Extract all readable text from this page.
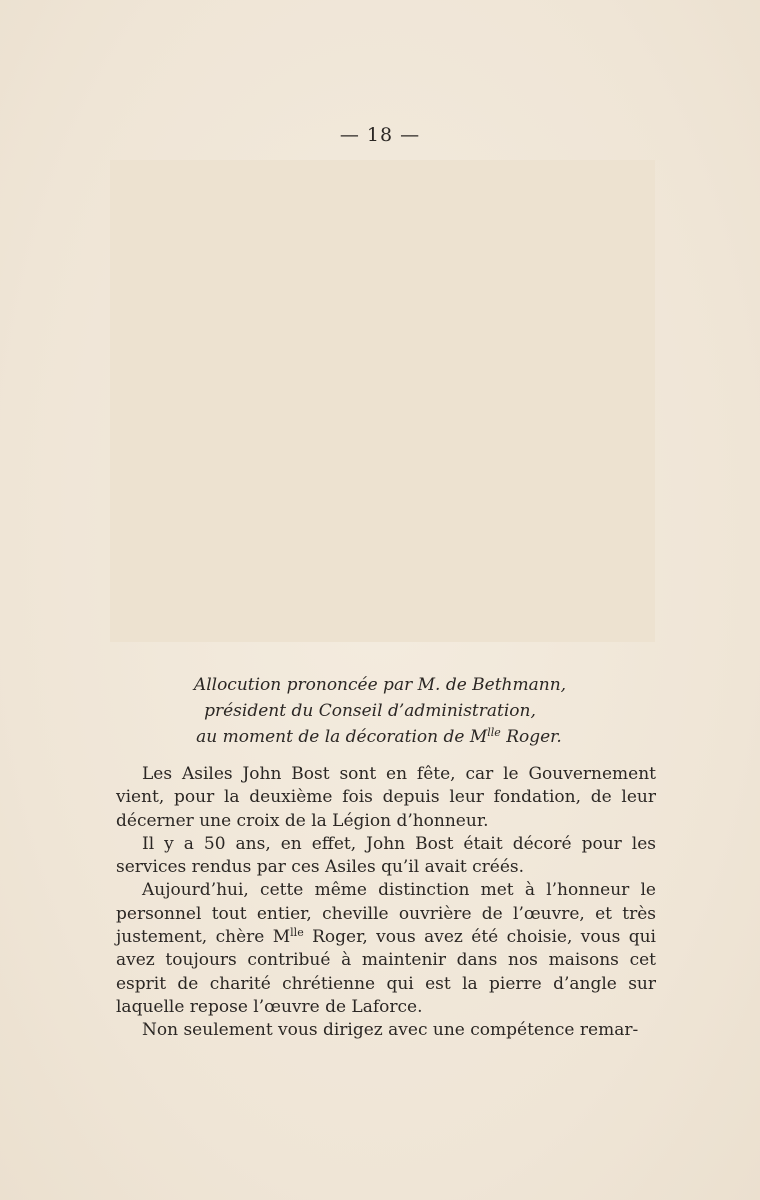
— 18 —
Allocution prononcée par M. de Bethmann,
président du Conseil d’administration,
au moment de la décoration de $M^{lle}$ Roger.

Les Asiles John Bost sont en fête, car le Gouvernement vient, pour la deuxième fois depuis leur fondation, de leur décerner une croix de la Légion d’honneur.

Il y a 50 ans, en effet, John Bost était décoré pour les services rendus par ces Asiles qu’il avait créés.

Aujourd’hui, cette même distinction met à l’honneur le personnel tout entier, cheville ouvrière de l’œuvre, et très justement, chère $M^{lle}$ Roger, vous avez été choisie, vous qui avez toujours contribué à maintenir dans nos maisons cet esprit de charité chrétienne qui est la pierre d’angle sur laquelle repose l’œuvre de Laforce.

Non seulement vous dirigez avec une compétence remar-
